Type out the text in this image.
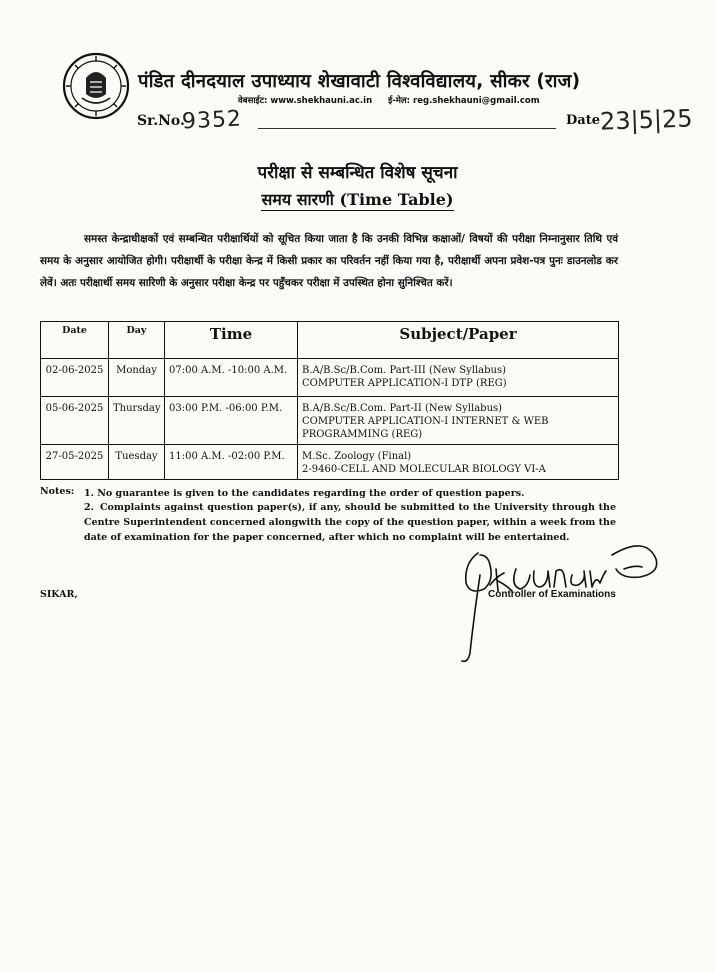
पंडित दीनदयाल उपाध्याय शेखावाटी विश्वविद्यालय, सीकर (राज)
वेबसाईट: www.shekhauni.ac.in ई-मेल: reg.shekhauni@gmail.com
Sr.No.
9352	Date 23|5|25
परीक्षा से सम्बन्धित विशेष सूचना
समय सारणी (Time Table)
समस्त केन्द्राधीक्षकों एवं सम्बन्धित परीक्षार्थियों को सूचित किया जाता है कि उनकी विभिन्न कक्षाओं/ विषयों की परीक्षा निम्नानुसार तिथि एवं समय के अनुसार आयोजित होगी। परीक्षार्थी के परीक्षा केन्द्र में किसी प्रकार का परिवर्तन नहीं किया गया है, परीक्षार्थी अपना प्रवेश-पत्र पुनः डाउनलोड कर लेवें। अतः परीक्षार्थी समय सारिणी के अनुसार परीक्षा केन्द्र पर पहुँचकर परीक्षा में उपस्थित होना सुनिश्चित करें।
Date	Day	Time	Subject/Paper
02-06-2025	Monday	07:00 A.M. -10:00 A.M.	B.A/B.Sc/B.Com. Part-III (New Syllabus)
COMPUTER APPLICATION-I DTP (REG)

05-06-2025	Thursday	03:00 P.M. -06:00 P.M.	B.A/B.Sc/B.Com. Part-II (New Syllabus)
COMPUTER APPLICATION-I INTERNET & WEB
PROGRAMMING (REG)

27-05-2025	Tuesday	11:00 A.M. -02:00 P.M.	M.Sc. Zoology (Final)
2-9460-CELL AND MOLECULAR BIOLOGY VI-A
Notes: 1. No guarantee is given to the candidates regarding the order of question papers.
2. Complaints against question paper(s), if any, should be submitted to the University through the Centre Superintendent concerned alongwith the copy of the question paper, within a week from the date of examination for the paper concerned, after which no complaint will be entertained.
SIKAR,	Controller of Examinations
